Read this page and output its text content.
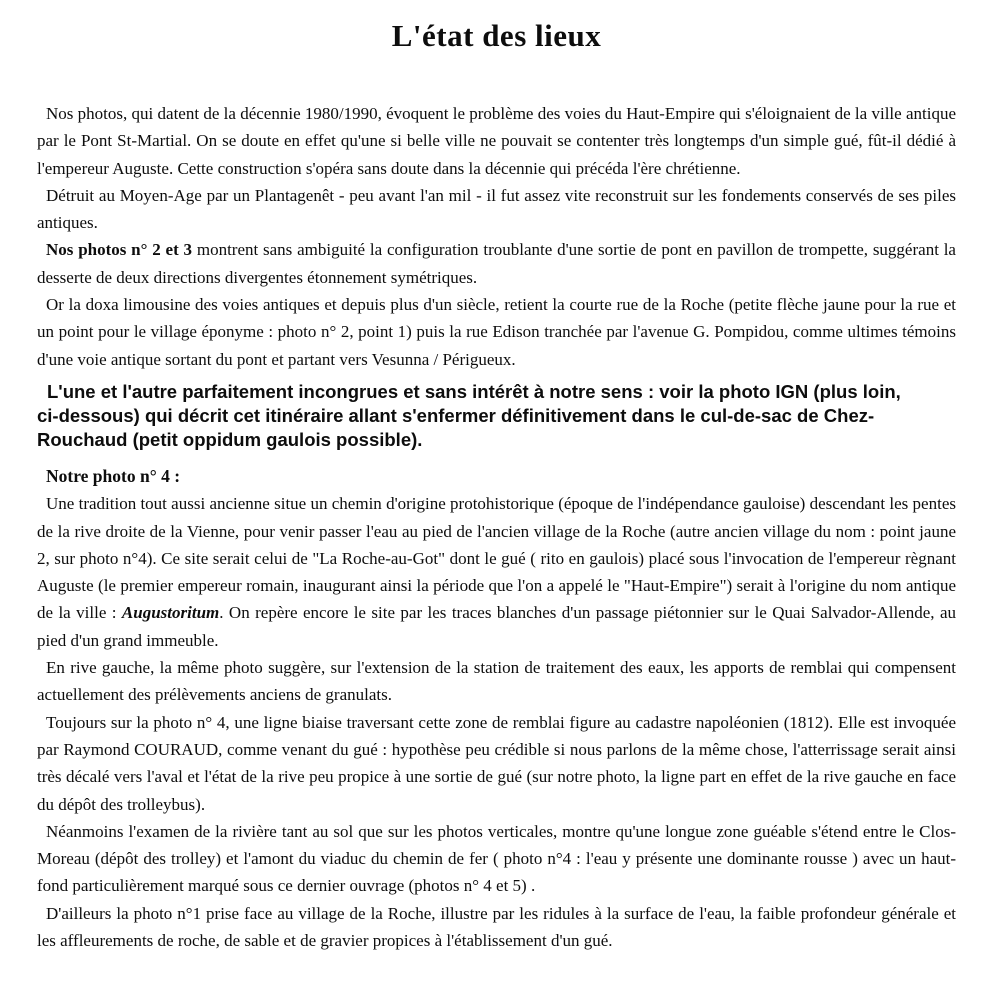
L'état des lieux

Nos photos, qui datent de la décennie 1980/1990, évoquent le problème des voies du Haut-Empire qui s'éloignaient de la ville antique par le Pont St-Martial. On se doute en effet qu'une si belle ville ne pouvait se contenter très longtemps d'un simple gué, fût-il dédié à l'empereur Auguste. Cette construction s'opéra sans doute dans la décennie qui précéda l'ère chrétienne.

Détruit au Moyen-Age par un Plantagenêt - peu avant l'an mil - il fut assez vite reconstruit sur les fondements conservés de ses piles antiques.

Nos photos n° 2 et 3 montrent sans ambiguité la configuration troublante d'une sortie de pont en pavillon de trompette, suggérant la desserte de deux directions divergentes étonnement symétriques.

Or la doxa limousine des voies antiques et depuis plus d'un siècle, retient la courte rue de la Roche (petite flèche jaune pour la rue et un point pour le village éponyme : photo n° 2, point 1) puis la rue Edison tranchée par l'avenue G. Pompidou, comme ultimes témoins d'une voie antique sortant du pont et partant vers Vesunna / Périgueux.

L'une et l'autre parfaitement incongrues et sans intérêt à notre sens : voir la photo IGN (plus loin, ci-dessous) qui décrit cet itinéraire allant s'enfermer définitivement dans le cul-de-sac de Chez-Rouchaud (petit oppidum gaulois possible).

Notre photo n° 4 :

Une tradition tout aussi ancienne situe un chemin d'origine protohistorique (époque de l'indépendance gauloise) descendant les pentes de la rive droite de la Vienne, pour venir passer l'eau au pied de l'ancien village de la Roche (autre ancien village du nom : point jaune 2, sur photo n°4). Ce site serait celui de "La Roche-au-Got" dont le gué ( rito en gaulois) placé sous l'invocation de l'empereur règnant Auguste (le premier empereur romain, inaugurant ainsi la période que l'on a appelé le "Haut-Empire") serait à l'origine du nom antique de la ville : Augustoritum. On repère encore le site par les traces blanches d'un passage piétonnier sur le Quai Salvador-Allende, au pied d'un grand immeuble.

En rive gauche, la même photo suggère, sur l'extension de la station de traitement des eaux, les apports de remblai qui compensent actuellement des prélèvements anciens de granulats.

Toujours sur la photo n° 4, une ligne biaise traversant cette zone de remblai figure au cadastre napoléonien (1812). Elle est invoquée par Raymond COURAUD, comme venant du gué : hypothèse peu crédible si nous parlons de la même chose, l'atterrissage serait ainsi très décalé vers l'aval et l'état de la rive peu propice à une sortie de gué (sur notre photo, la ligne part en effet de la rive gauche en face du dépôt des trolleybus).

Néanmoins l'examen de la rivière tant au sol que sur les photos verticales, montre qu'une longue zone guéable s'étend entre le Clos-Moreau (dépôt des trolley) et l'amont du viaduc du chemin de fer ( photo n°4 : l'eau y présente une dominante rousse ) avec un haut-fond particulièrement marqué sous ce dernier ouvrage (photos n° 4 et 5) .

D'ailleurs la photo n°1 prise face au village de la Roche, illustre par les ridules à la surface de l'eau, la faible profondeur générale et les affleurements de roche, de sable et de gravier propices à l'établissement d'un gué.
